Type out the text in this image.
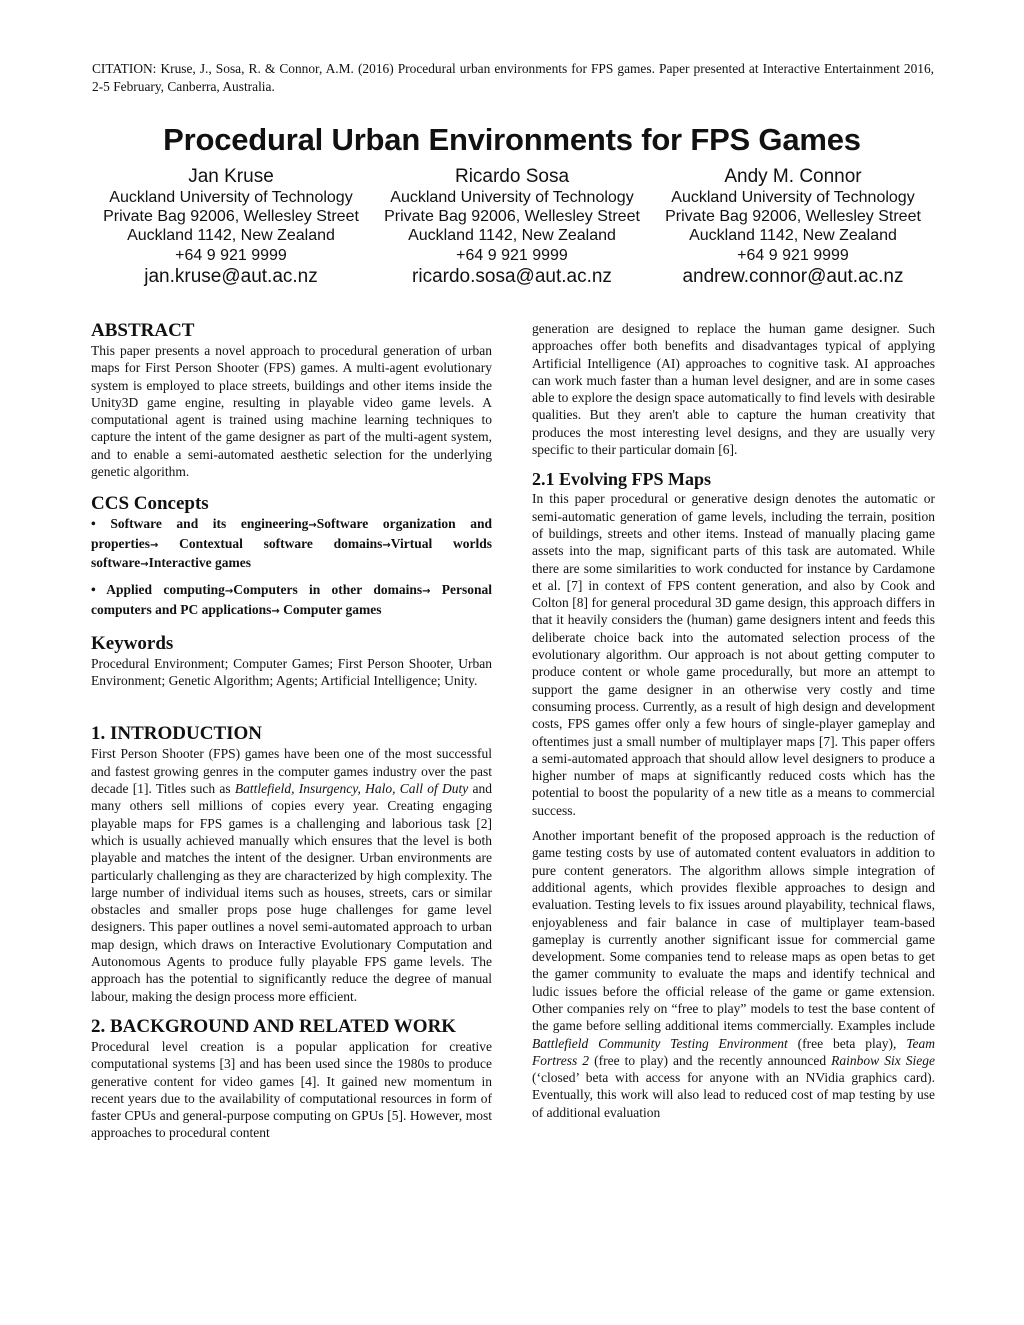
CITATION: Kruse, J., Sosa, R. & Connor, A.M. (2016) Procedural urban environments for FPS games. Paper presented at Interactive Entertainment 2016, 2-5 February, Canberra, Australia.
Procedural Urban Environments for FPS Games
Jan Kruse
Auckland University of Technology
Private Bag 92006, Wellesley Street
Auckland 1142, New Zealand
+64 9 921 9999
jan.kruse@aut.ac.nz
Ricardo Sosa
Auckland University of Technology
Private Bag 92006, Wellesley Street
Auckland 1142, New Zealand
+64 9 921 9999
ricardo.sosa@aut.ac.nz
Andy M. Connor
Auckland University of Technology
Private Bag 92006, Wellesley Street
Auckland 1142, New Zealand
+64 9 921 9999
andrew.connor@aut.ac.nz
ABSTRACT

This paper presents a novel approach to procedural generation of urban maps for First Person Shooter (FPS) games. A multi-agent evolutionary system is employed to place streets, buildings and other items inside the Unity3D game engine, resulting in playable video game levels. A computational agent is trained using machine learning techniques to capture the intent of the game designer as part of the multi-agent system, and to enable a semi-automated aesthetic selection for the underlying genetic algorithm.

CCS Concepts

• Software and its engineering→Software organization and properties→ Contextual software domains→Virtual worlds software→Interactive games

• Applied computing→Computers in other domains→ Personal computers and PC applications→ Computer games

Keywords

Procedural Environment; Computer Games; First Person Shooter, Urban Environment; Genetic Algorithm; Agents; Artificial Intelligence; Unity.

1. INTRODUCTION

First Person Shooter (FPS) games have been one of the most successful and fastest growing genres in the computer games industry over the past decade [1]. Titles such as Battlefield, Insurgency, Halo, Call of Duty and many others sell millions of copies every year. Creating engaging playable maps for FPS games is a challenging and laborious task [2] which is usually achieved manually which ensures that the level is both playable and matches the intent of the designer. Urban environments are particularly challenging as they are characterized by high complexity. The large number of individual items such as houses, streets, cars or similar obstacles and smaller props pose huge challenges for game level designers. This paper outlines a novel semi-automated approach to urban map design, which draws on Interactive Evolutionary Computation and Autonomous Agents to produce fully playable FPS game levels. The approach has the potential to significantly reduce the degree of manual labour, making the design process more efficient.

2. BACKGROUND AND RELATED WORK

Procedural level creation is a popular application for creative computational systems [3] and has been used since the 1980s to produce generative content for video games [4]. It gained new momentum in recent years due to the availability of computational resources in form of faster CPUs and general-purpose computing on GPUs [5]. However, most approaches to procedural content

generation are designed to replace the human game designer. Such approaches offer both benefits and disadvantages typical of applying Artificial Intelligence (AI) approaches to cognitive task. AI approaches can work much faster than a human level designer, and are in some cases able to explore the design space automatically to find levels with desirable qualities. But they aren't able to capture the human creativity that produces the most interesting level designs, and they are usually very specific to their particular domain [6].

2.1 Evolving FPS Maps

In this paper procedural or generative design denotes the automatic or semi-automatic generation of game levels, including the terrain, position of buildings, streets and other items. Instead of manually placing game assets into the map, significant parts of this task are automated. While there are some similarities to work conducted for instance by Cardamone et al. [7] in context of FPS content generation, and also by Cook and Colton [8] for general procedural 3D game design, this approach differs in that it heavily considers the (human) game designers intent and feeds this deliberate choice back into the automated selection process of the evolutionary algorithm. Our approach is not about getting computer to produce content or whole game procedurally, but more an attempt to support the game designer in an otherwise very costly and time consuming process. Currently, as a result of high design and development costs, FPS games offer only a few hours of single-player gameplay and oftentimes just a small number of multiplayer maps [7]. This paper offers a semi-automated approach that should allow level designers to produce a higher number of maps at significantly reduced costs which has the potential to boost the popularity of a new title as a means to commercial success.

Another important benefit of the proposed approach is the reduction of game testing costs by use of automated content evaluators in addition to pure content generators. The algorithm allows simple integration of additional agents, which provides flexible approaches to design and evaluation. Testing levels to fix issues around playability, technical flaws, enjoyableness and fair balance in case of multiplayer team-based gameplay is currently another significant issue for commercial game development. Some companies tend to release maps as open betas to get the gamer community to evaluate the maps and identify technical and ludic issues before the official release of the game or game extension. Other companies rely on “free to play” models to test the base content of the game before selling additional items commercially. Examples include Battlefield Community Testing Environment (free beta play), Team Fortress 2 (free to play) and the recently announced Rainbow Six Siege (‘closed’ beta with access for anyone with an NVidia graphics card). Eventually, this work will also lead to reduced cost of map testing by use of additional evaluation
